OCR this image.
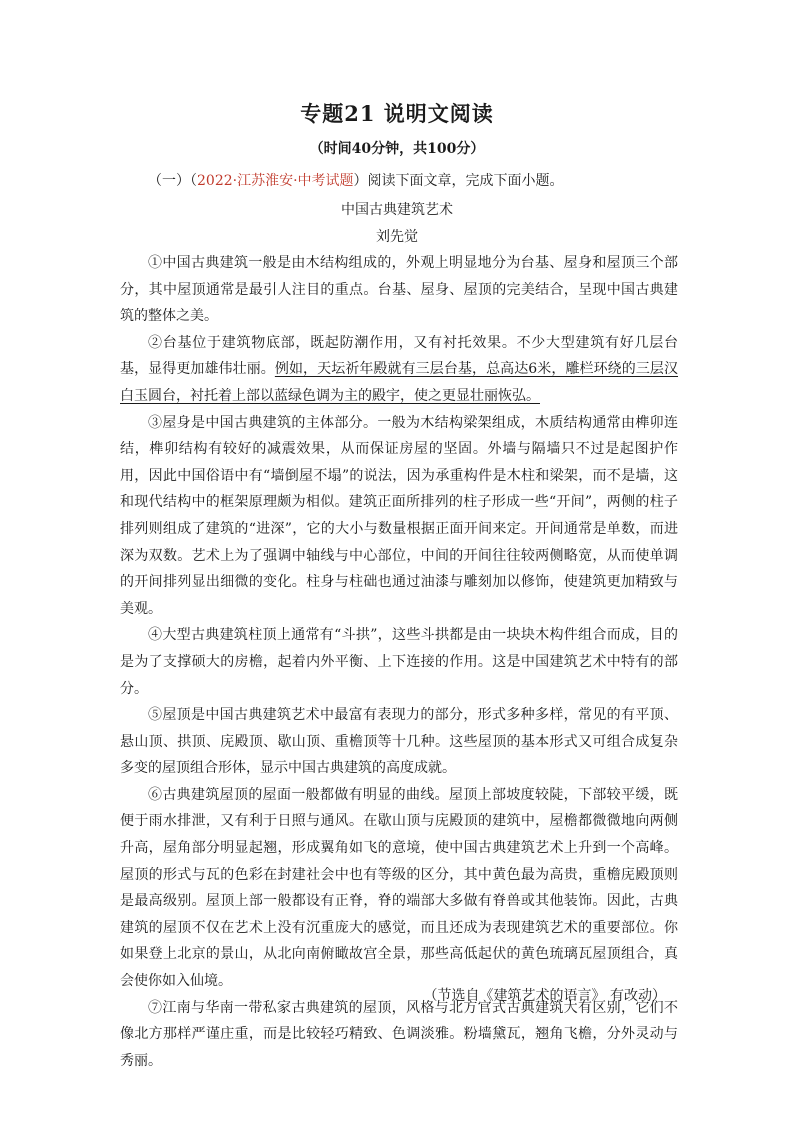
专题21 说明文阅读
（时间40分钟，共100分）
（一）（2022·江苏淮安·中考试题）阅读下面文章，完成下面小题。
中国古典建筑艺术
刘先觉

①中国古典建筑一般是由木结构组成的，外观上明显地分为台基、屋身和屋顶三个部分，其中屋顶通常是最引人注目的重点。台基、屋身、屋顶的完美结合，呈现中国古典建筑的整体之美。

②台基位于建筑物底部，既起防潮作用，又有衬托效果。不少大型建筑有好几层台基，显得更加雄伟壮丽。例如，天坛祈年殿就有三层台基，总高达6米，雕栏环绕的三层汉白玉圆台，衬托着上部以蓝绿色调为主的殿宇，使之更显壮丽恢弘。

③屋身是中国古典建筑的主体部分。一般为木结构梁架组成，木质结构通常由榫卯连结，榫卯结构有较好的减震效果，从而保证房屋的坚固。外墙与隔墙只不过是起图护作用，因此中国俗语中有“墙倒屋不塌”的说法，因为承重构件是木柱和梁架，而不是墙，这和现代结构中的框架原理颇为相似。建筑正面所排列的柱子形成一些“开间”，两侧的柱子排列则组成了建筑的“进深”，它的大小与数量根据正面开间来定。开间通常是单数，而进深为双数。艺术上为了强调中轴线与中心部位，中间的开间往往较两侧略宽，从而使单调的开间排列显出细微的变化。柱身与柱础也通过油漆与雕刻加以修饰，使建筑更加精致与美观。

④大型古典建筑柱顶上通常有“斗拱”，这些斗拱都是由一块块木构件组合而成，目的是为了支撑硕大的房檐，起着内外平衡、上下连接的作用。这是中国建筑艺术中特有的部分。

⑤屋顶是中国古典建筑艺术中最富有表现力的部分，形式多种多样，常见的有平顶、悬山顶、拱顶、庑殿顶、歇山顶、重檐顶等十几种。这些屋顶的基本形式又可组合成复杂多变的屋顶组合形体，显示中国古典建筑的高度成就。

⑥古典建筑屋顶的屋面一般都做有明显的曲线。屋顶上部坡度较陡，下部较平缓，既便于雨水排泄，又有利于日照与通风。在歇山顶与庑殿顶的建筑中，屋檐都微微地向两侧升高，屋角部分明显起翘，形成翼角如飞的意境，使中国古典建筑艺术上升到一个高峰。屋顶的形式与瓦的色彩在封建社会中也有等级的区分，其中黄色最为高贵，重檐庑殿顶则是最高级别。屋顶上部一般都设有正脊，脊的端部大多做有脊兽或其他装饰。因此，古典建筑的屋顶不仅在艺术上没有沉重庞大的感觉，而且还成为表现建筑艺术的重要部位。你如果登上北京的景山，从北向南俯瞰故宫全景，那些高低起伏的黄色琉璃瓦屋顶组合，真会使你如入仙境。

⑦江南与华南一带私家古典建筑的屋顶，风格与北方官式古典建筑大有区别，它们不像北方那样严谨庄重，而是比较轻巧精致、色调淡雅。粉墙黛瓦，翘角飞檐，分外灵动与秀丽。

（节选自《建筑艺术的语言》 有改动）
